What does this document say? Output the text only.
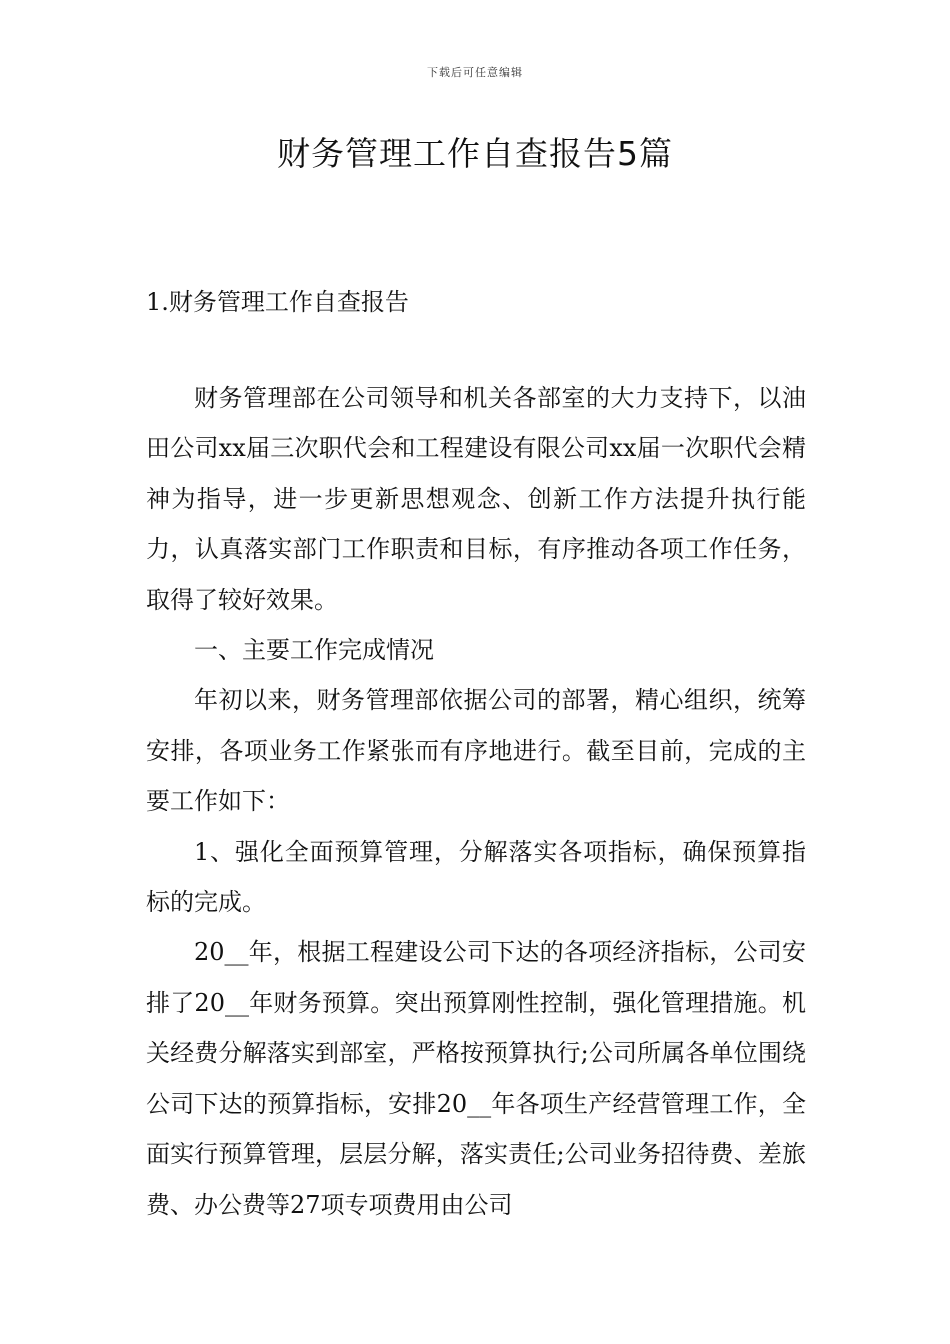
下载后可任意编辑
财务管理工作自查报告5篇
1.财务管理工作自查报告

财务管理部在公司领导和机关各部室的大力支持下，以油田公司xx届三次职代会和工程建设有限公司xx届一次职代会精神为指导，进一步更新思想观念、创新工作方法提升执行能力，认真落实部门工作职责和目标，有序推动各项工作任务，取得了较好效果。

一、主要工作完成情况

年初以来，财务管理部依据公司的部署，精心组织，统筹安排，各项业务工作紧张而有序地进行。截至目前，完成的主要工作如下：

1、强化全面预算管理，分解落实各项指标，确保预算指标的完成。

20__年，根据工程建设公司下达的各项经济指标，公司安排了20__年财务预算。突出预算刚性控制，强化管理措施。机关经费分解落实到部室，严格按预算执行;公司所属各单位围绕公司下达的预算指标，安排20__年各项生产经营管理工作，全面实行预算管理，层层分解，落实责任;公司业务招待费、差旅费、办公费等27项专项费用由公司
